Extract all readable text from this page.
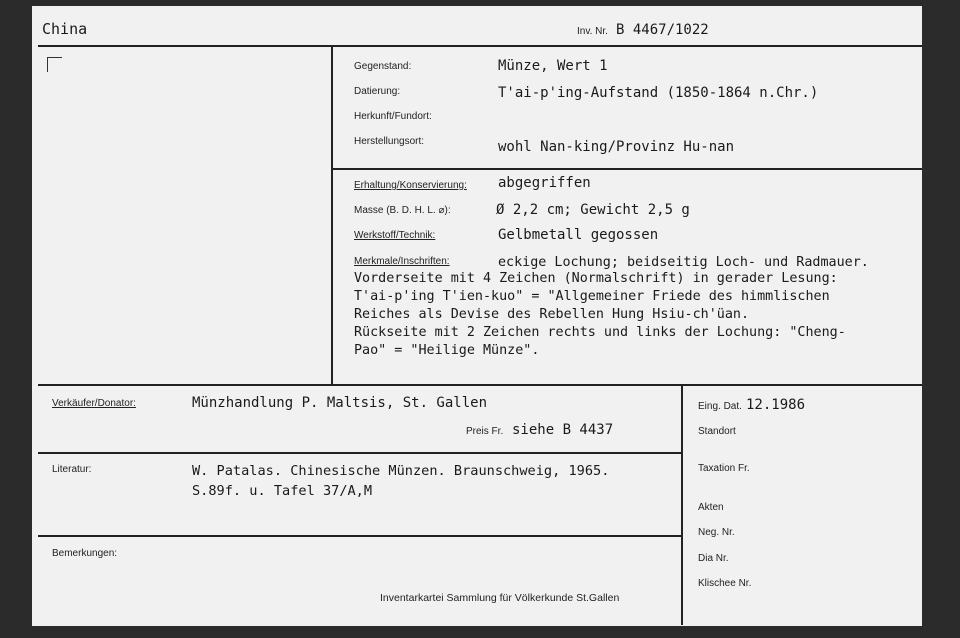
China	Inv. Nr. B 4467/1022
Gegenstand:	Münze, Wert 1
Datierung:	T'ai-p'ing-Aufstand (1850-1864 n.Chr.)
Herkunft/Fundort:
Herstellungsort:	wohl Nan-king/Provinz Hu-nan
Erhaltung/Konservierung: abgegriffen
Masse (B. D. H. L. ⌀):	Ø 2,2 cm; Gewicht 2,5 g
Werkstoff/Technik:	Gelbmetall gegossen
Merkmale/Inschriften:	eckige Lochung; beidseitig Loch- und Radmauer.
Vorderseite mit 4 Zeichen (Normalschrift) in gerader Lesung:
T'ai-p'ing T'ien-kuo" = "Allgemeiner Friede des himmlischen
Reiches als Devise des Rebellen Hung Hsiu-ch'üan.
Rückseite mit 2 Zeichen rechts und links der Lochung: "Cheng-
Pao" = "Heilige Münze".
Verkäufer/Donator:	Münzhandlung P. Maltsis, St. Gallen
Preis Fr. siehe B 4437
Literatur:	W. Patalas. Chinesische Münzen. Braunschweig, 1965.
S.89f. u. Tafel 37/A,M
Bemerkungen:
Inventarkartei Sammlung für Völkerkunde St.Gallen
Eing. Dat. 12.1986
Standort
Taxation Fr.
Akten
Neg. Nr.
Dia Nr.
Klischee Nr.
